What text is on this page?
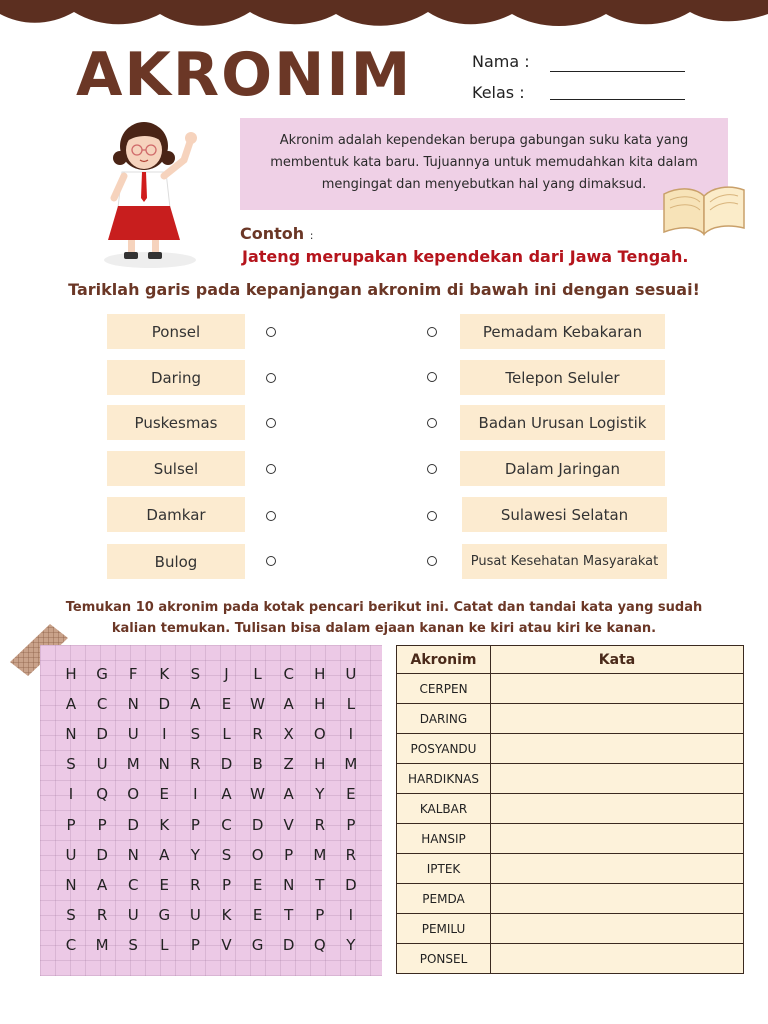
AKRONIM	Nama :
Kelas :
Akronim adalah kependekan berupa gabungan suku kata yang membentuk kata baru. Tujuannya untuk memudahkan kita dalam mengingat dan menyebutkan hal yang dimaksud.
Contoh :
Jateng merupakan kependekan dari Jawa Tengah.
Tariklah garis pada kepanjangan akronim di bawah ini dengan sesuai!
Ponsel
Daring
Puskesmas
Sulsel
Damkar
Bulog
Pemadam Kebakaran
Telepon Seluler
Badan Urusan Logistik
Dalam Jaringan
Sulawesi Selatan
Pusat Kesehatan Masyarakat
Temukan 10 akronim pada kotak pencari berikut ini. Catat dan tandai kata yang sudah
kalian temukan. Tulisan bisa dalam ejaan kanan ke kiri atau kiri ke kanan.
H	G	F	K	S	J	L	C	H	U
A	C	N	D	A	E	W	A	H	L
N	D	U	I	S	L	R	X	O	I
S	U	M	N	R	D	B	Z	H	M
I	Q	O	E	I	A	W	A	Y	E
P	P	D	K	P	C	D	V	R	P
U	D	N	A	Y	S	O	P	M	R
N	A	C	E	R	P	E	N	T	D
S	R	U	G	U	K	E	T	P	I
C	M	S	L	P	V	G	D	Q	Y
Akronim	Kata
CERPEN	
DARING	
POSYANDU	
HARDIKNAS	
KALBAR	
HANSIP	
IPTEK	
PEMDA	
PEMILU	
PONSEL	
